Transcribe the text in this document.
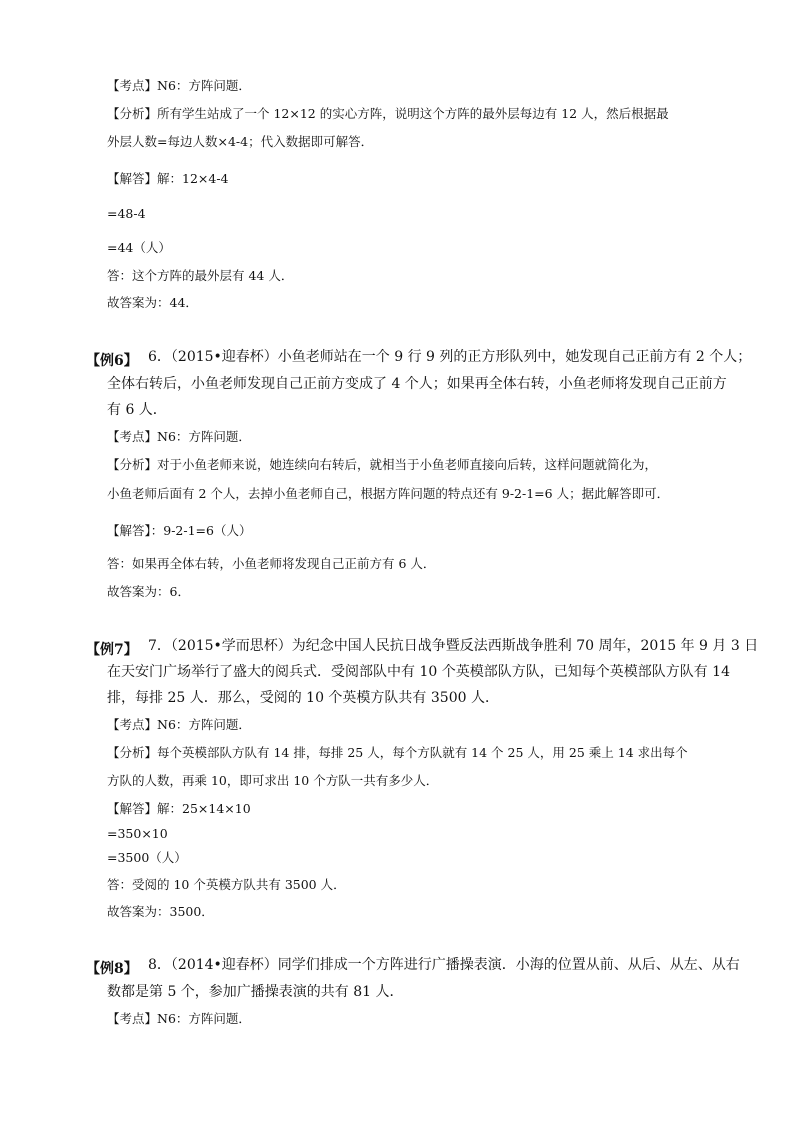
【考点】N6：方阵问题．
【分析】所有学生站成了一个 12×12 的实心方阵，说明这个方阵的最外层每边有 12 人，然后根据最
外层人数=每边人数×4-4；代入数据即可解答．
【解答】解：12×4-4
=48-4
=44（人）
答：这个方阵的最外层有 44 人．
故答案为：44．
【例6】 6．（2015•迎春杯）小鱼老师站在一个 9 行 9 列的正方形队列中，她发现自己正前方有 2 个人；
全体右转后，小鱼老师发现自己正前方变成了 4 个人；如果再全体右转，小鱼老师将发现自己正前方
有 6 人．
【考点】N6：方阵问题．
【分析】对于小鱼老师来说，她连续向右转后，就相当于小鱼老师直接向后转，这样问题就简化为，
小鱼老师后面有 2 个人，去掉小鱼老师自己，根据方阵问题的特点还有 9-2-1=6 人；据此解答即可．
【解答】：9-2-1=6（人）
答：如果再全体右转，小鱼老师将发现自己正前方有 6 人．
故答案为：6．
【例7】 7．（2015•学而思杯）为纪念中国人民抗日战争暨反法西斯战争胜利 70 周年，2015 年 9 月 3 日
在天安门广场举行了盛大的阅兵式．受阅部队中有 10 个英模部队方队，已知每个英模部队方队有 14
排，每排 25 人．那么，受阅的 10 个英模方队共有 3500 人．
【考点】N6：方阵问题．
【分析】每个英模部队方队有 14 排，每排 25 人，每个方队就有 14 个 25 人，用 25 乘上 14 求出每个
方队的人数，再乘 10，即可求出 10 个方队一共有多少人．
【解答】解：25×14×10
=350×10
=3500（人）
答：受阅的 10 个英模方队共有 3500 人．
故答案为：3500．
【例8】 8．（2014•迎春杯）同学们排成一个方阵进行广播操表演．小海的位置从前、从后、从左、从右
数都是第 5 个，参加广播操表演的共有 81 人．
【考点】N6：方阵问题．
